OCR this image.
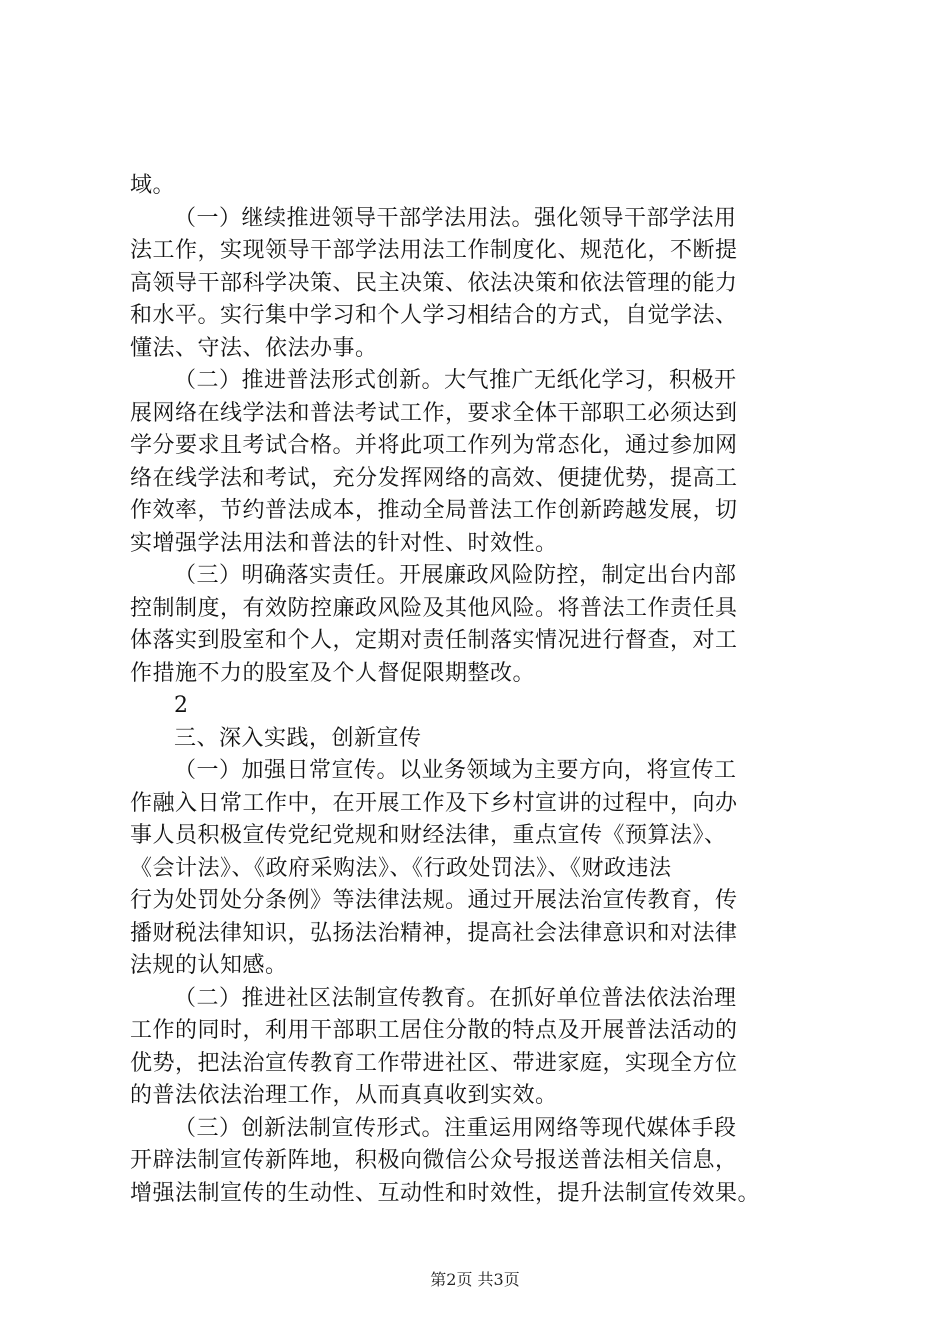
域。
（一）继续推进领导干部学法用法。强化领导干部学法用
法工作，实现领导干部学法用法工作制度化、规范化，不断提
高领导干部科学决策、民主决策、依法决策和依法管理的能力
和水平。实行集中学习和个人学习相结合的方式，自觉学法、
懂法、守法、依法办事。
（二）推进普法形式创新。大气推广无纸化学习，积极开
展网络在线学法和普法考试工作，要求全体干部职工必须达到
学分要求且考试合格。并将此项工作列为常态化，通过参加网
络在线学法和考试，充分发挥网络的高效、便捷优势，提高工
作效率，节约普法成本，推动全局普法工作创新跨越发展，切
实增强学法用法和普法的针对性、时效性。
（三）明确落实责任。开展廉政风险防控，制定出台内部
控制制度，有效防控廉政风险及其他风险。将普法工作责任具
体落实到股室和个人，定期对责任制落实情况进行督查，对工
作措施不力的股室及个人督促限期整改。
2
三、深入实践，创新宣传
（一）加强日常宣传。以业务领域为主要方向，将宣传工
作融入日常工作中，在开展工作及下乡村宣讲的过程中，向办
事人员积极宣传党纪党规和财经法律，重点宣传《预算法》、
《会计法》、《政府采购法》、《行政处罚法》、《财政违法
行为处罚处分条例》等法律法规。通过开展法治宣传教育，传
播财税法律知识，弘扬法治精神，提高社会法律意识和对法律
法规的认知感。
（二）推进社区法制宣传教育。在抓好单位普法依法治理
工作的同时，利用干部职工居住分散的特点及开展普法活动的
优势，把法治宣传教育工作带进社区、带进家庭，实现全方位
的普法依法治理工作，从而真真收到实效。
（三）创新法制宣传形式。注重运用网络等现代媒体手段
开辟法制宣传新阵地，积极向微信公众号报送普法相关信息，
增强法制宣传的生动性、互动性和时效性，提升法制宣传效果。
第2页 共3页
